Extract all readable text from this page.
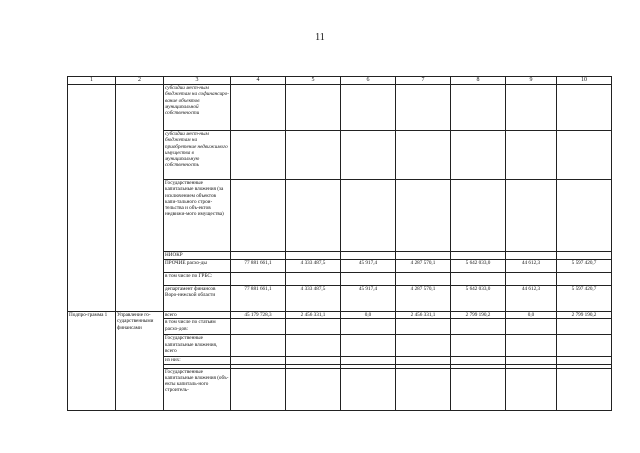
11
1	2	3	4	5	6	7	8	9	10
		субсидии мест-ным бюджетам на софинансиро-вание объектов муниципальной собственности							
		субсидии мест-ным бюджетам на приобретение недвижимого имущества в муниципальную собственность							
		Государственные капитальные вложения (за исключением объектов капи-тального строи-тельства и объ-ектов недвижи-мого имущества)							
		НИОКР							
		ПРОЧИЕ расхо-ды	77 881 661,1	4 333 487,5	45 917,4	4 287 570,1	5 642 033,0	44 612,3	5 597 420,7
		в том числе по ГРБС:							
		департамент финансов Воро-нежской области	77 881 661,1	4 333 487,5	45 917,4	4 287 570,1	5 642 033,0	44 612,3	5 597 420,7
Подпро-грамма 1	Управление го-сударственными финансами	всего	45 179 728,3	2 456 331,1	0,0	2 456 331,1	2 799 190,2	0,0	2 799 190,2
		в том числе по статьям расхо-дов:							
		Государственные капитальные вложения, всего							
		из них:							

		Государственные капитальные вложения (объ-екты капиталь-ного строитель-							
